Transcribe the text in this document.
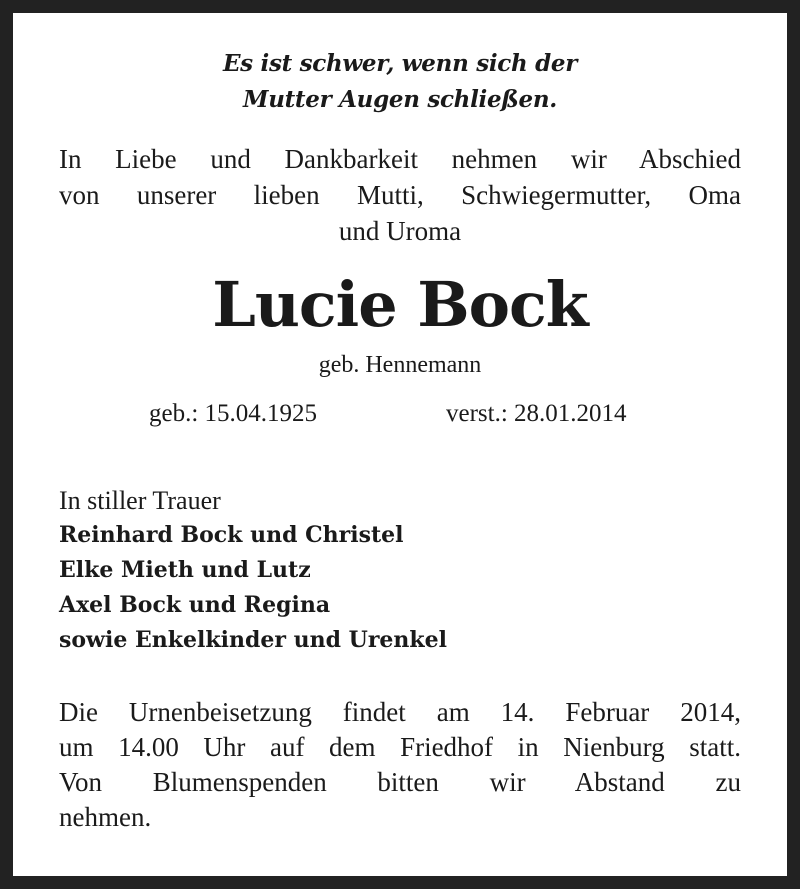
Es ist schwer, wenn sich der
Mutter Augen schließen.
In Liebe und Dankbarkeit nehmen wir Abschied
von unserer lieben Mutti, Schwiegermutter, Oma
und Uroma
Lucie Bock
geb. Hennemann
geb.: 15.04.1925	verst.: 28.01.2014
In stiller Trauer
Reinhard Bock und Christel
Elke Mieth und Lutz
Axel Bock und Regina
sowie Enkelkinder und Urenkel
Die Urnenbeisetzung findet am 14. Februar 2014,
um 14.00 Uhr auf dem Friedhof in Nienburg statt.
Von Blumenspenden bitten wir Abstand zu
nehmen.
